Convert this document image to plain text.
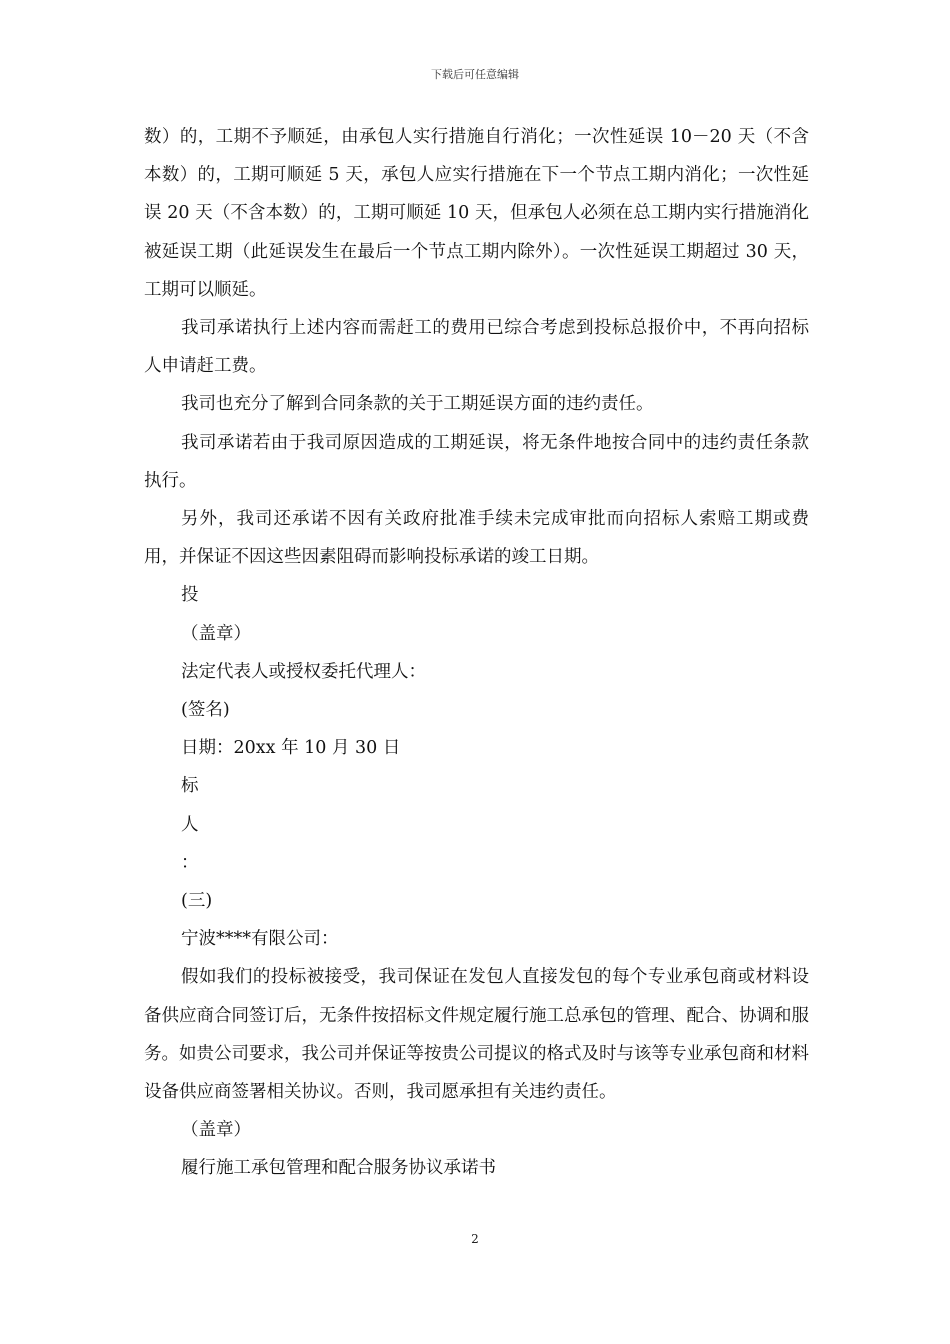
下载后可任意编辑

数）的，工期不予顺延，由承包人实行措施自行消化；一次性延误 10－20 天（不含本数）的，工期可顺延 5 天，承包人应实行措施在下一个节点工期内消化；一次性延误 20 天（不含本数）的，工期可顺延 10 天，但承包人必须在总工期内实行措施消化被延误工期（此延误发生在最后一个节点工期内除外）。一次性延误工期超过 30 天，工期可以顺延。

我司承诺执行上述内容而需赶工的费用已综合考虑到投标总报价中，不再向招标人申请赶工费。

我司也充分了解到合同条款的关于工期延误方面的违约责任。

我司承诺若由于我司原因造成的工期延误，将无条件地按合同中的违约责任条款执行。

另外，我司还承诺不因有关政府批准手续未完成审批而向招标人索赔工期或费用，并保证不因这些因素阻碍而影响投标承诺的竣工日期。

投

（盖章）

法定代表人或授权委托代理人：

(签名)

日期：20xx 年 10 月 30 日

标

人

：

(三)

宁波****有限公司：

假如我们的投标被接受，我司保证在发包人直接发包的每个专业承包商或材料设备供应商合同签订后，无条件按招标文件规定履行施工总承包的管理、配合、协调和服务。如贵公司要求，我公司并保证等按贵公司提议的格式及时与该等专业承包商和材料设备供应商签署相关协议。否则，我司愿承担有关违约责任。

（盖章）

履行施工承包管理和配合服务协议承诺书

2
